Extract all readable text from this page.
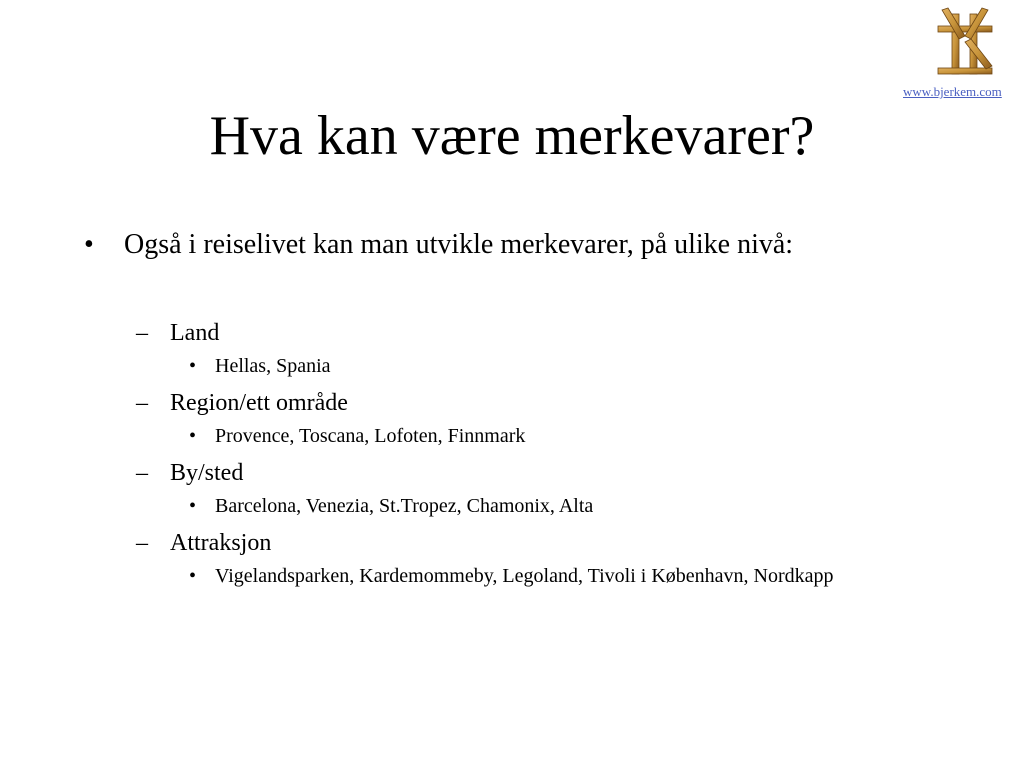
www.bjerkem.com
Hva kan være merkevarer?
• Også i reiselivet kan man utvikle merkevarer, på ulike nivå:
– Land
• Hellas, Spania
– Region/ett område
• Provence, Toscana, Lofoten, Finnmark
– By/sted
• Barcelona, Venezia, St.Tropez, Chamonix, Alta
– Attraksjon
• Vigelandsparken, Kardemommeby, Legoland, Tivoli i København, Nordkapp
